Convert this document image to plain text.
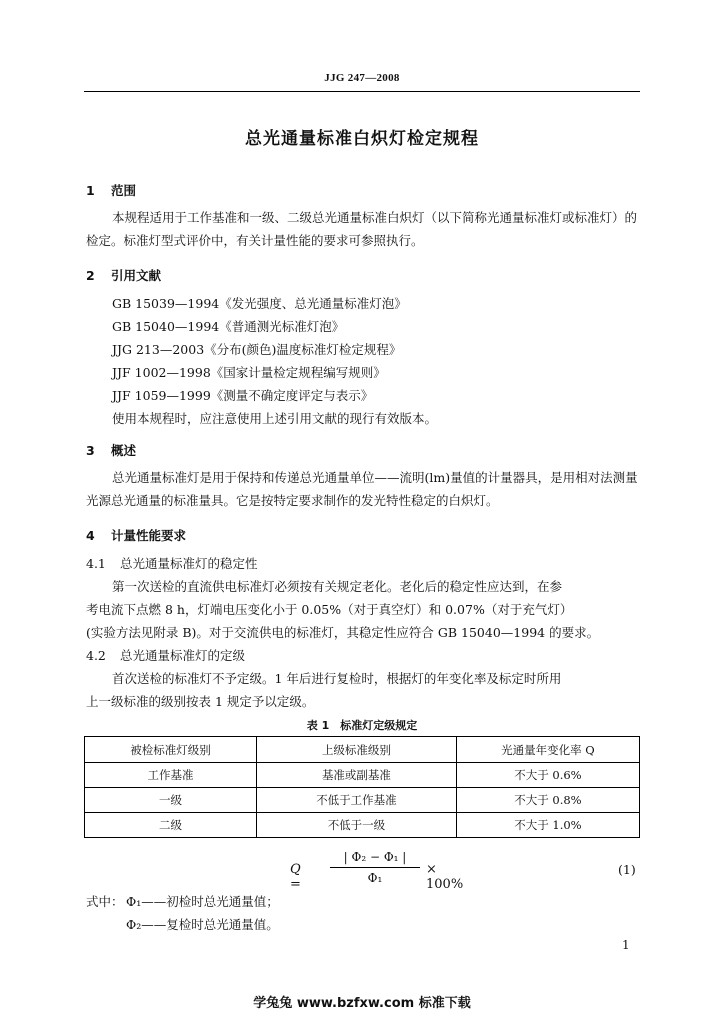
JJG 247—2008
总光通量标准白炽灯检定规程
1 范围
本规程适用于工作基准和一级、二级总光通量标准白炽灯（以下简称光通量标准灯或标准灯）的检定。标准灯型式评价中，有关计量性能的要求可参照执行。
2 引用文献
GB 15039—1994《发光强度、总光通量标准灯泡》
GB 15040—1994《普通测光标准灯泡》
JJG 213—2003《分布(颜色)温度标准灯检定规程》
JJF 1002—1998《国家计量检定规程编写规则》
JJF 1059—1999《测量不确定度评定与表示》
使用本规程时，应注意使用上述引用文献的现行有效版本。
3 概述
总光通量标准灯是用于保持和传递总光通量单位——流明(lm)量值的计量器具，是用相对法测量光源总光通量的标准量具。它是按特定要求制作的发光特性稳定的白炽灯。
4 计量性能要求
4.1 总光通量标准灯的稳定性
第一次送检的直流供电标准灯必须按有关规定老化。老化后的稳定性应达到，在参
考电流下点燃 8 h，灯端电压变化小于 0.05%（对于真空灯）和 0.07%（对于充气灯）
(实验方法见附录 B)。对于交流供电的标准灯，其稳定性应符合 GB 15040—1994 的要求。
4.2 总光通量标准灯的定级
首次送检的标准灯不予定级。1 年后进行复检时，根据灯的年变化率及标定时所用
上一级标准的级别按表 1 规定予以定级。
表 1　标准灯定级规定
被检标准灯级别	上级标准级别	光通量年变化率 Q
工作基准	基准或副基准	不大于 0.6%
一级	不低于工作基准	不大于 0.8%
二级	不低于一级	不大于 1.0%
Q =
| Φ₂ − Φ₁ |
Φ₁
× 100%
(1)
式中： Φ₁——初检时总光通量值；
Φ₂——复检时总光通量值。
1
学兔兔 www.bzfxw.com 标准下载
